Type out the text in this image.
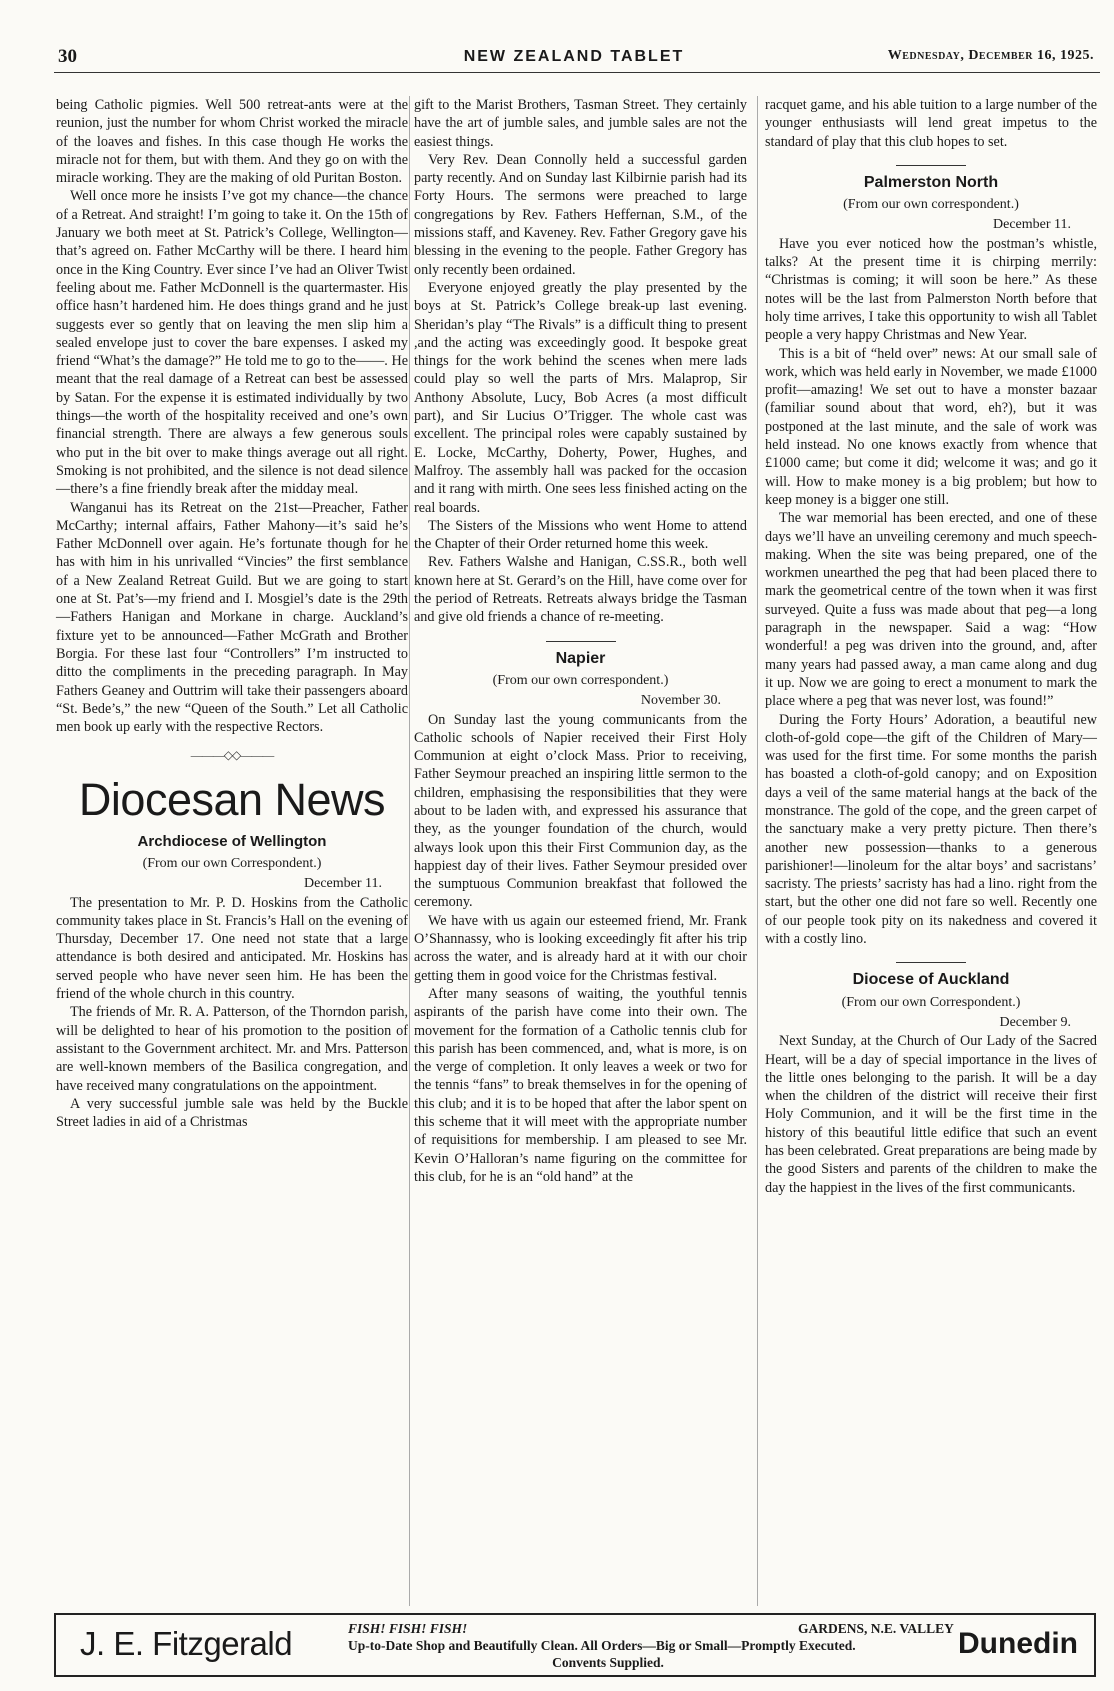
30	NEW ZEALAND TABLET	Wednesday, December 16, 1925.

being Catholic pigmies. Well 500 retreat-ants were at the reunion, just the number for whom Christ worked the miracle of the loaves and fishes. In this case though He works the miracle not for them, but with them. And they go on with the miracle working. They are the making of old Puritan Boston.

Well once more he insists I’ve got my chance—the chance of a Retreat. And straight! I’m going to take it. On the 15th of January we both meet at St. Patrick’s College, Wellington—that’s agreed on. Father McCarthy will be there. I heard him once in the King Country. Ever since I’ve had an Oliver Twist feeling about me. Father McDonnell is the quartermaster. His office hasn’t hardened him. He does things grand and he just suggests ever so gently that on leaving the men slip him a sealed envelope just to cover the bare expenses. I asked my friend “What’s the damage?” He told me to go to the——. He meant that the real damage of a Retreat can best be assessed by Satan. For the expense it is estimated individually by two things—the worth of the hospitality received and one’s own financial strength. There are always a few generous souls who put in the bit over to make things average out all right. Smoking is not prohibited, and the silence is not dead silence—there’s a fine friendly break after the midday meal.

Wanganui has its Retreat on the 21st—Preacher, Father McCarthy; internal affairs, Father Mahony—it’s said he’s Father McDonnell over again. He’s fortunate though for he has with him in his unrivalled “Vincies” the first semblance of a New Zealand Retreat Guild. But we are going to start one at St. Pat’s—my friend and I. Mosgiel’s date is the 29th—Fathers Hanigan and Morkane in charge. Auckland’s fixture yet to be announced—Father McGrath and Brother Borgia. For these last four “Controllers” I’m instructed to ditto the compliments in the preceding paragraph. In May Fathers Geaney and Outtrim will take their passengers aboard “St. Bede’s,” the new “Queen of the South.” Let all Catholic men book up early with the respective Rectors.

———◇◇———
Diocesan News
Archdiocese of Wellington
(From our own Correspondent.)
December 11.

The presentation to Mr. P. D. Hoskins from the Catholic community takes place in St. Francis’s Hall on the evening of Thursday, December 17. One need not state that a large attendance is both desired and anticipated. Mr. Hoskins has served people who have never seen him. He has been the friend of the whole church in this country.

The friends of Mr. R. A. Patterson, of the Thorndon parish, will be delighted to hear of his promotion to the position of assistant to the Government architect. Mr. and Mrs. Patterson are well-known members of the Basilica congregation, and have received many congratulations on the appointment.

A very successful jumble sale was held by the Buckle Street ladies in aid of a Christmas

gift to the Marist Brothers, Tasman Street. They certainly have the art of jumble sales, and jumble sales are not the easiest things.

Very Rev. Dean Connolly held a successful garden party recently. And on Sunday last Kilbirnie parish had its Forty Hours. The sermons were preached to large congregations by Rev. Fathers Heffernan, S.M., of the missions staff, and Kaveney. Rev. Father Gregory gave his blessing in the evening to the people. Father Gregory has only recently been ordained.

Everyone enjoyed greatly the play presented by the boys at St. Patrick’s College break-up last evening. Sheridan’s play “The Rivals” is a difficult thing to present ,and the acting was exceedingly good. It bespoke great things for the work behind the scenes when mere lads could play so well the parts of Mrs. Malaprop, Sir Anthony Absolute, Lucy, Bob Acres (a most difficult part), and Sir Lucius O’Trigger. The whole cast was excellent. The principal roles were capably sustained by E. Locke, McCarthy, Doherty, Power, Hughes, and Malfroy. The assembly hall was packed for the occasion and it rang with mirth. One sees less finished acting on the real boards.

The Sisters of the Missions who went Home to attend the Chapter of their Order returned home this week.

Rev. Fathers Walshe and Hanigan, C.SS.R., both well known here at St. Gerard’s on the Hill, have come over for the period of Retreats. Retreats always bridge the Tasman and give old friends a chance of re-meeting.

Napier
(From our own correspondent.)
November 30.

On Sunday last the young communicants from the Catholic schools of Napier received their First Holy Communion at eight o’clock Mass. Prior to receiving, Father Seymour preached an inspiring little sermon to the children, emphasising the responsibilities that they were about to be laden with, and expressed his assurance that they, as the younger foundation of the church, would always look upon this their First Communion day, as the happiest day of their lives. Father Seymour presided over the sumptuous Communion breakfast that followed the ceremony.

We have with us again our esteemed friend, Mr. Frank O’Shannassy, who is looking exceedingly fit after his trip across the water, and is already hard at it with our choir getting them in good voice for the Christmas festival.

After many seasons of waiting, the youthful tennis aspirants of the parish have come into their own. The movement for the formation of a Catholic tennis club for this parish has been commenced, and, what is more, is on the verge of completion. It only leaves a week or two for the tennis “fans” to break themselves in for the opening of this club; and it is to be hoped that after the labor spent on this scheme that it will meet with the appropriate number of requisitions for membership. I am pleased to see Mr. Kevin O’Halloran’s name figuring on the committee for this club, for he is an “old hand” at the

racquet game, and his able tuition to a large number of the younger enthusiasts will lend great impetus to the standard of play that this club hopes to set.

Palmerston North
(From our own correspondent.)
December 11.

Have you ever noticed how the postman’s whistle, talks? At the present time it is chirping merrily: “Christmas is coming; it will soon be here.” As these notes will be the last from Palmerston North before that holy time arrives, I take this opportunity to wish all Tablet people a very happy Christmas and New Year.

This is a bit of “held over” news: At our small sale of work, which was held early in November, we made £1000 profit—amazing! We set out to have a monster bazaar (familiar sound about that word, eh?), but it was postponed at the last minute, and the sale of work was held instead. No one knows exactly from whence that £1000 came; but come it did; welcome it was; and go it will. How to make money is a big problem; but how to keep money is a bigger one still.

The war memorial has been erected, and one of these days we’ll have an unveiling ceremony and much speech-making. When the site was being prepared, one of the workmen unearthed the peg that had been placed there to mark the geometrical centre of the town when it was first surveyed. Quite a fuss was made about that peg—a long paragraph in the newspaper. Said a wag: “How wonderful! a peg was driven into the ground, and, after many years had passed away, a man came along and dug it up. Now we are going to erect a monument to mark the place where a peg that was never lost, was found!”

During the Forty Hours’ Adoration, a beautiful new cloth-of-gold cope—the gift of the Children of Mary—was used for the first time. For some months the parish has boasted a cloth-of-gold canopy; and on Exposition days a veil of the same material hangs at the back of the monstrance. The gold of the cope, and the green carpet of the sanctuary make a very pretty picture. Then there’s another new possession—thanks to a generous parishioner!—linoleum for the altar boys’ and sacristans’ sacristy. The priests’ sacristy has had a lino. right from the start, but the other one did not fare so well. Recently one of our people took pity on its nakedness and covered it with a costly lino.

Diocese of Auckland
(From our own Correspondent.)
December 9.

Next Sunday, at the Church of Our Lady of the Sacred Heart, will be a day of special importance in the lives of the little ones belonging to the parish. It will be a day when the children of the district will receive their first Holy Communion, and it will be the first time in the history of this beautiful little edifice that such an event has been celebrated. Great preparations are being made by the good Sisters and parents of the children to make the day the happiest in the lives of the first communicants.

J. E. Fitzgerald	FISH! FISH! FISH!	GARDENS, N.E. VALLEY

Up-to-Date Shop and Beautifully Clean. All Orders—Big or Small—Promptly Executed.
Convents Supplied.
Dunedin
